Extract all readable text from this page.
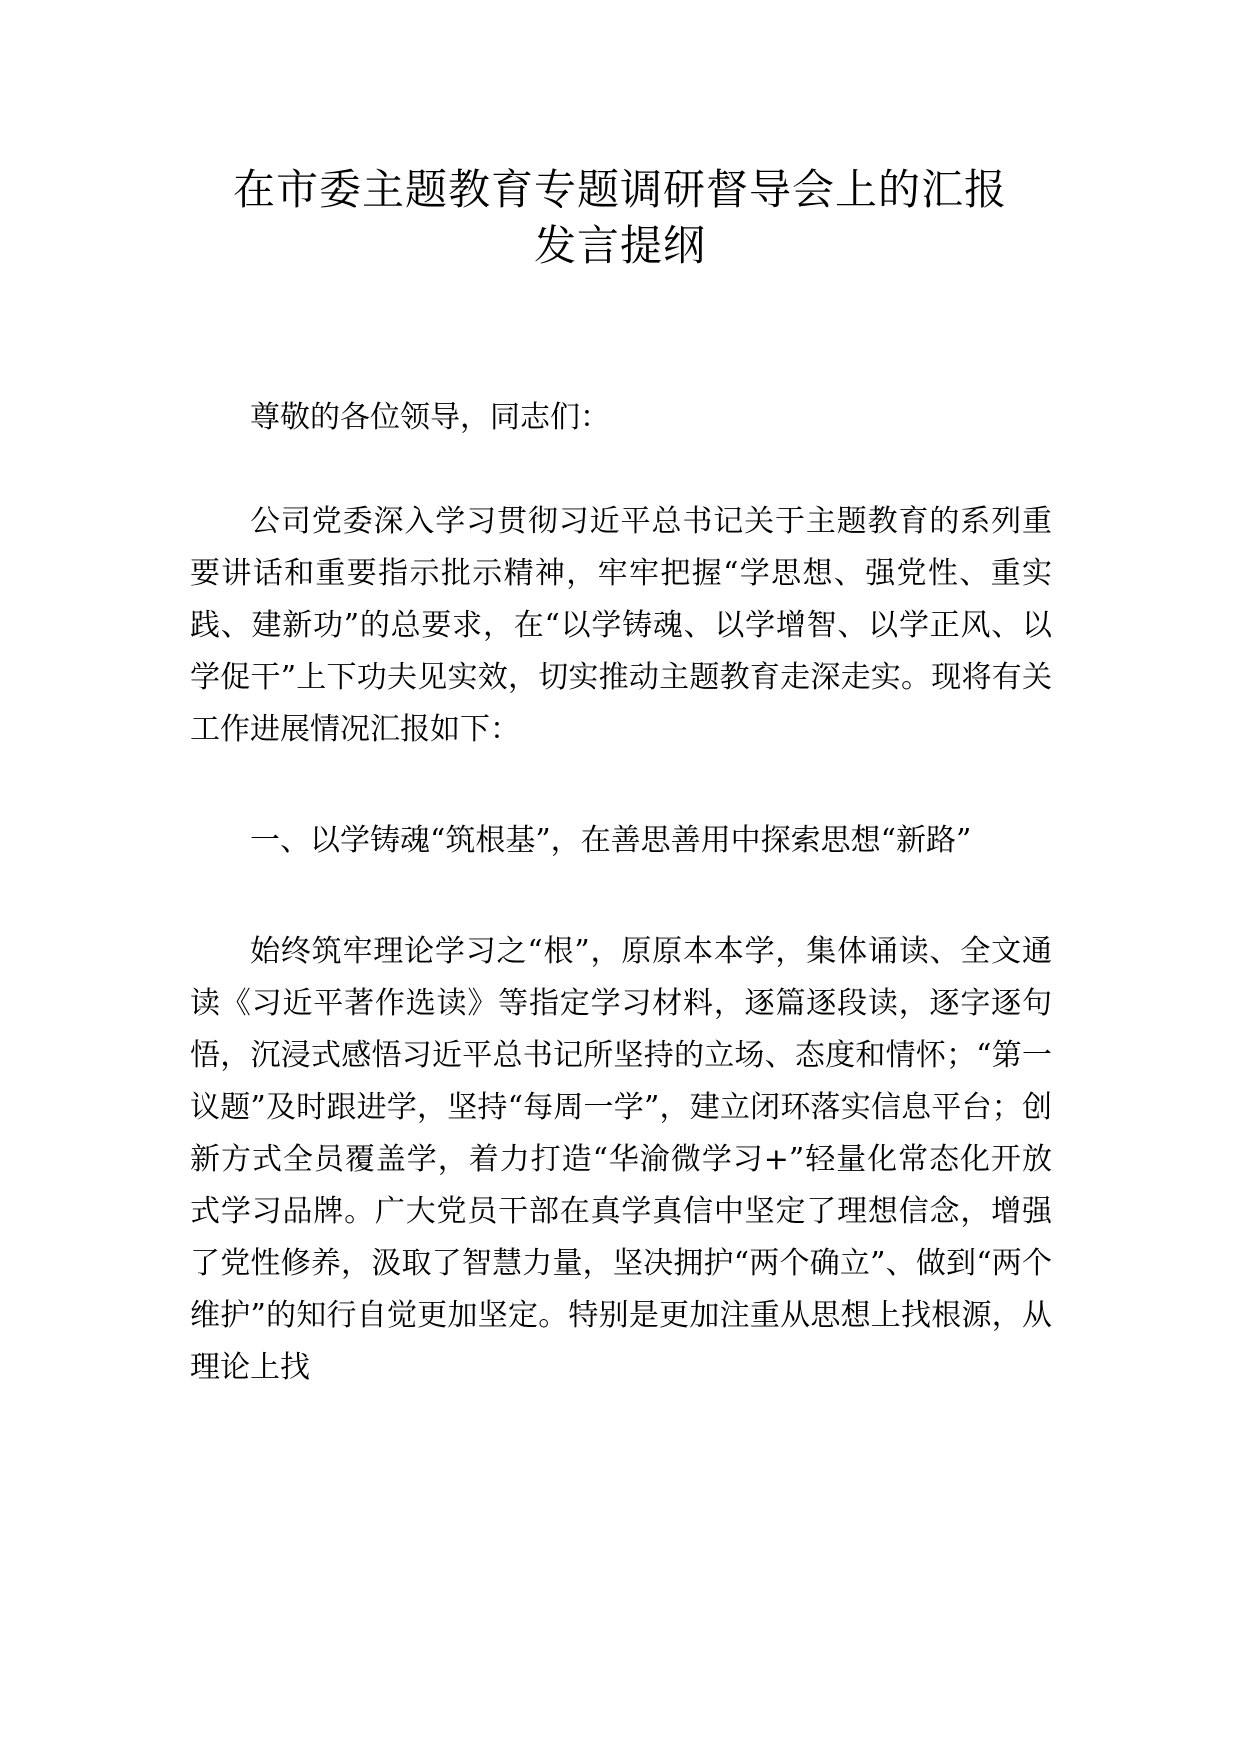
在市委主题教育专题调研督导会上的汇报
发言提纲

尊敬的各位领导，同志们：

公司党委深入学习贯彻习近平总书记关于主题教育的系列重要讲话和重要指示批示精神，牢牢把握“学思想、强党性、重实践、建新功”的总要求，在“以学铸魂、以学增智、以学正风、以学促干”上下功夫见实效，切实推动主题教育走深走实。现将有关工作进展情况汇报如下：

一、以学铸魂“筑根基”，在善思善用中探索思想“新路”

始终筑牢理论学习之“根”，原原本本学，集体诵读、全文通读《习近平著作选读》等指定学习材料，逐篇逐段读，逐字逐句悟，沉浸式感悟习近平总书记所坚持的立场、态度和情怀；“第一议题”及时跟进学，坚持“每周一学”，建立闭环落实信息平台；创新方式全员覆盖学，着力打造“华渝微学习+”轻量化常态化开放式学习品牌。广大党员干部在真学真信中坚定了理想信念，增强了党性修养，汲取了智慧力量，坚决拥护“两个确立”、做到“两个维护”的知行自觉更加坚定。特别是更加注重从思想上找根源，从理论上找
